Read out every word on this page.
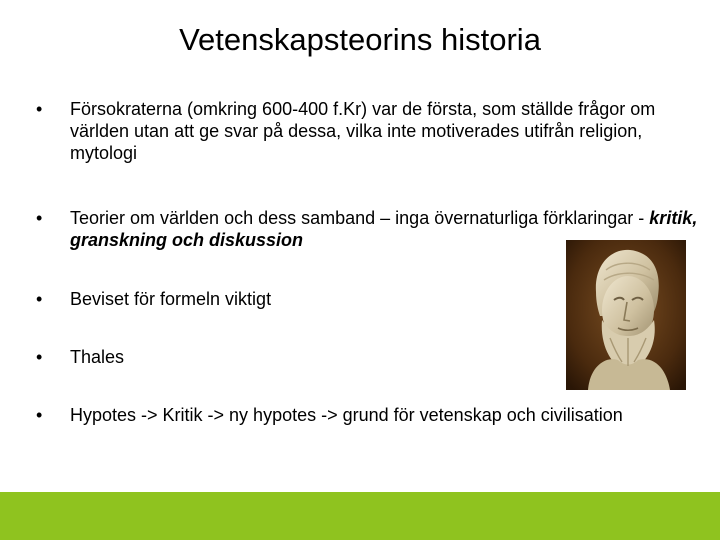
Vetenskapsteorins historia
•	Försokraterna (omkring 600-400 f.Kr) var de första, som ställde frågor om världen utan att ge svar på dessa, vilka inte motiverades utifrån religion, mytologi
•	Teorier om världen och dess samband – inga övernaturliga förklaringar - kritik, granskning och diskussion
•	Beviset för formeln viktigt
•	Thales
•	Hypotes -> Kritik -> ny hypotes -> grund för vetenskap och civilisation
